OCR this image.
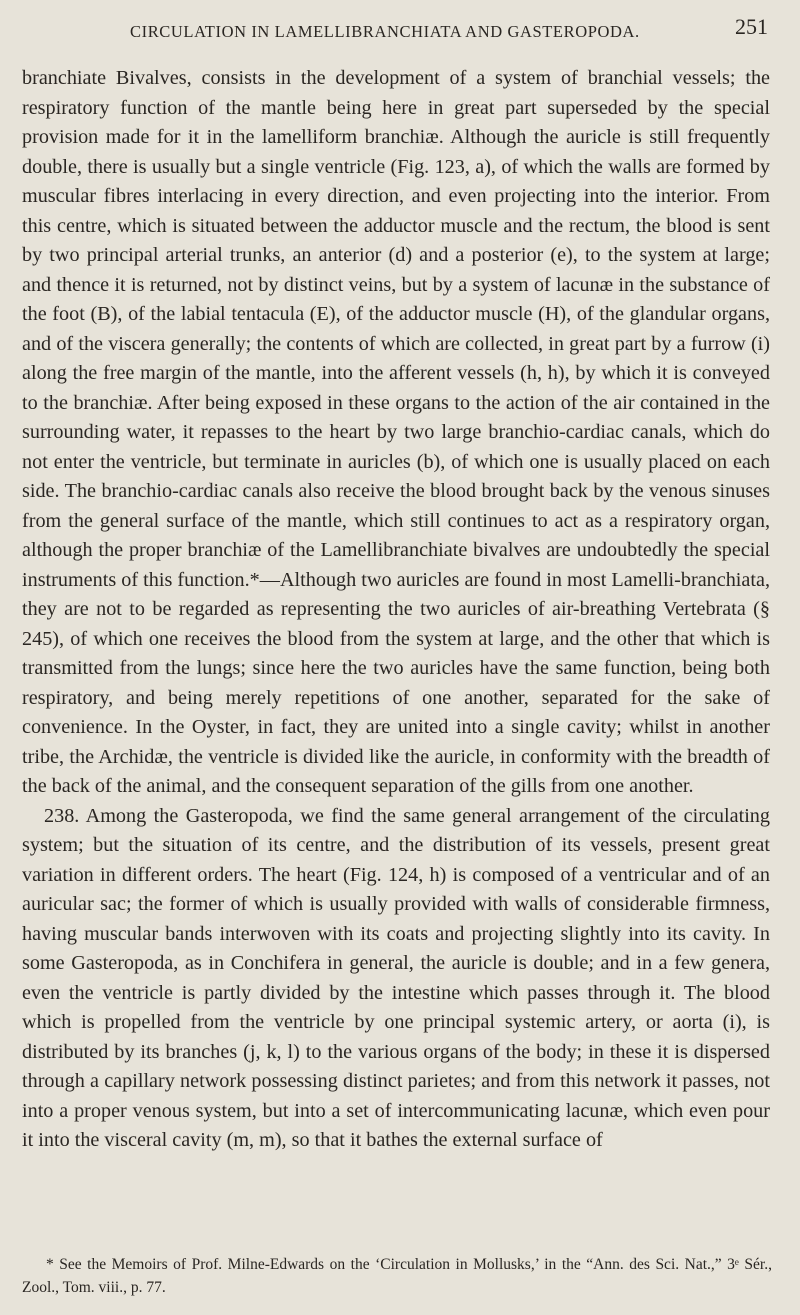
CIRCULATION IN LAMELLIBRANCHIATA AND GASTEROPODA.	251

branchiate Bivalves, consists in the development of a system of branchial vessels; the respiratory function of the mantle being here in great part superseded by the special provision made for it in the lamelliform branchiæ. Although the auricle is still frequently double, there is usually but a single ventricle (Fig. 123, a), of which the walls are formed by muscular fibres interlacing in every direction, and even projecting into the interior. From this centre, which is situated between the adductor muscle and the rectum, the blood is sent by two principal arterial trunks, an anterior (d) and a posterior (e), to the system at large; and thence it is returned, not by distinct veins, but by a system of lacunæ in the substance of the foot (B), of the labial tentacula (E), of the adductor muscle (H), of the glandular organs, and of the viscera generally; the contents of which are collected, in great part by a furrow (i) along the free margin of the mantle, into the afferent vessels (h, h), by which it is conveyed to the branchiæ. After being exposed in these organs to the action of the air contained in the surrounding water, it repasses to the heart by two large branchio-cardiac canals, which do not enter the ventricle, but terminate in auricles (b), of which one is usually placed on each side. The branchio-cardiac canals also receive the blood brought back by the venous sinuses from the general surface of the mantle, which still continues to act as a respiratory organ, although the proper branchiæ of the Lamellibranchiate bivalves are undoubtedly the special instruments of this function.*—Although two auricles are found in most Lamelli-branchiata, they are not to be regarded as representing the two auricles of air-breathing Vertebrata (§ 245), of which one receives the blood from the system at large, and the other that which is transmitted from the lungs; since here the two auricles have the same function, being both respiratory, and being merely repetitions of one another, separated for the sake of convenience. In the Oyster, in fact, they are united into a single cavity; whilst in another tribe, the Archidæ, the ventricle is divided like the auricle, in conformity with the breadth of the back of the animal, and the consequent separation of the gills from one another.

238. Among the Gasteropoda, we find the same general arrangement of the circulating system; but the situation of its centre, and the distribution of its vessels, present great variation in different orders. The heart (Fig. 124, h) is composed of a ventricular and of an auricular sac; the former of which is usually provided with walls of considerable firmness, having muscular bands interwoven with its coats and projecting slightly into its cavity. In some Gasteropoda, as in Conchifera in general, the auricle is double; and in a few genera, even the ventricle is partly divided by the intestine which passes through it. The blood which is propelled from the ventricle by one principal systemic artery, or aorta (i), is distributed by its branches (j, k, l) to the various organs of the body; in these it is dispersed through a capillary network possessing distinct parietes; and from this network it passes, not into a proper venous system, but into a set of intercommunicating lacunæ, which even pour it into the visceral cavity (m, m), so that it bathes the external surface of

* See the Memoirs of Prof. Milne-Edwards on the ‘Circulation in Mollusks,’ in the “Ann. des Sci. Nat.,” 3ᵉ Sér., Zool., Tom. viii., p. 77.
